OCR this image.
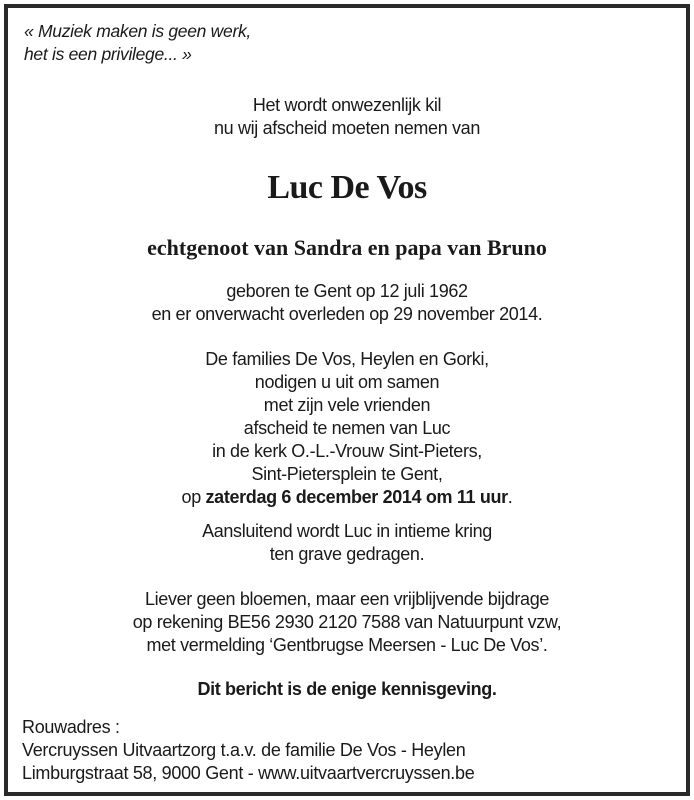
« Muziek maken is geen werk,
het is een privilege... »
Het wordt onwezenlijk kil
nu wij afscheid moeten nemen van
Luc De Vos
echtgenoot van Sandra en papa van Bruno
geboren te Gent op 12 juli 1962
en er onverwacht overleden op 29 november 2014.
De families De Vos, Heylen en Gorki,
nodigen u uit om samen
met zijn vele vrienden
afscheid te nemen van Luc
in de kerk O.-L.-Vrouw Sint-Pieters,
Sint-Pietersplein te Gent,
op zaterdag 6 december 2014 om 11 uur.
Aansluitend wordt Luc in intieme kring
ten grave gedragen.
Liever geen bloemen, maar een vrijblijvende bijdrage
op rekening BE56 2930 2120 7588 van Natuurpunt vzw,
met vermelding ‘Gentbrugse Meersen - Luc De Vos’.
Dit bericht is de enige kennisgeving.
Rouwadres :
Vercruyssen Uitvaartzorg t.a.v. de familie De Vos - Heylen
Limburgstraat 58, 9000 Gent - www.uitvaartvercruyssen.be
